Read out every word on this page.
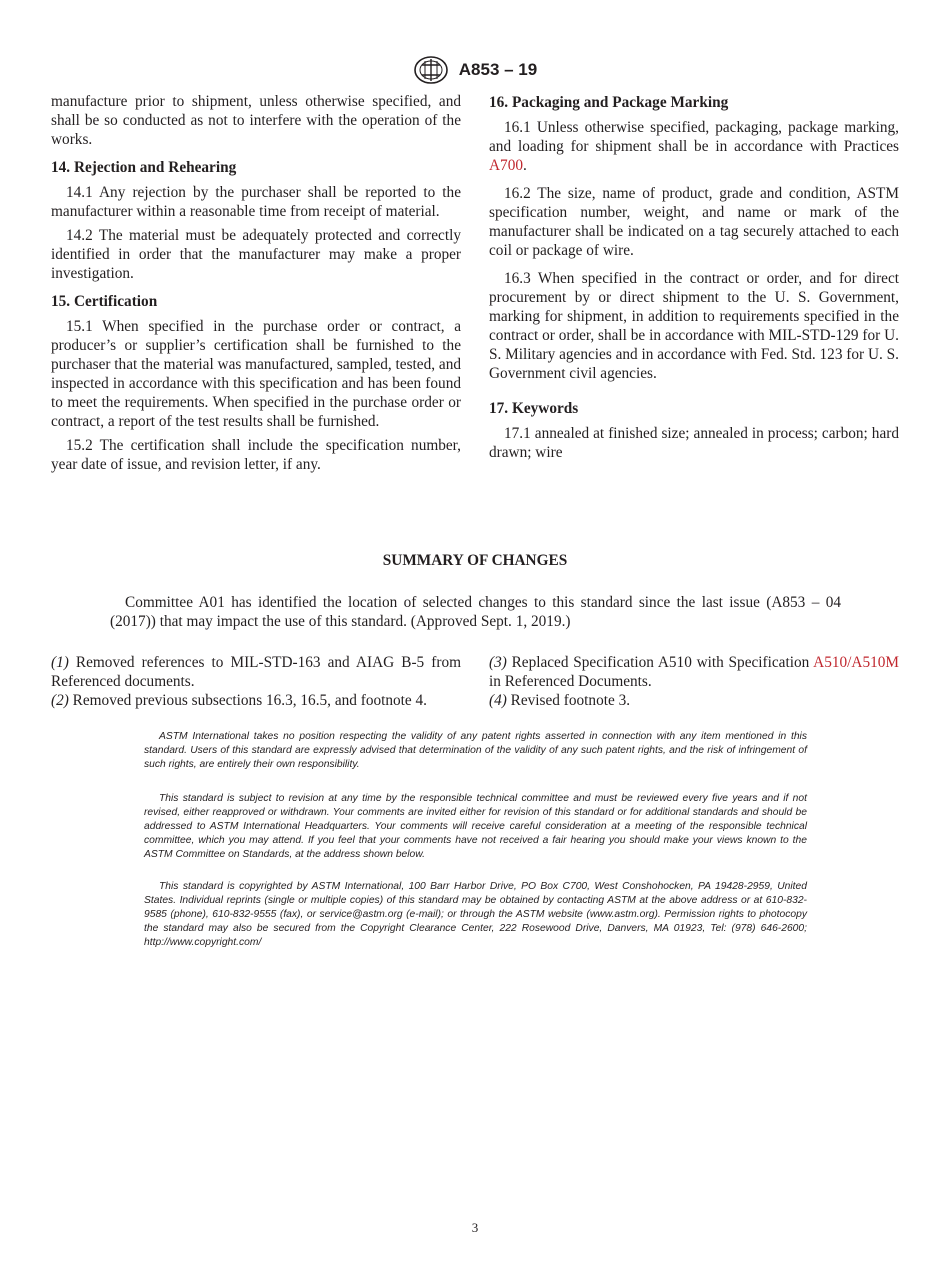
A853 – 19

manufacture prior to shipment, unless otherwise specified, and shall be so conducted as not to interfere with the operation of the works.

14. Rejection and Rehearing

14.1 Any rejection by the purchaser shall be reported to the manufacturer within a reasonable time from receipt of material.

14.2 The material must be adequately protected and correctly identified in order that the manufacturer may make a proper investigation.

15. Certification

15.1 When specified in the purchase order or contract, a producer’s or supplier’s certification shall be furnished to the purchaser that the material was manufactured, sampled, tested, and inspected in accordance with this specification and has been found to meet the requirements. When specified in the purchase order or contract, a report of the test results shall be furnished.

15.2 The certification shall include the specification number, year date of issue, and revision letter, if any.

16. Packaging and Package Marking

16.1 Unless otherwise specified, packaging, package marking, and loading for shipment shall be in accordance with Practices A700.

16.2 The size, name of product, grade and condition, ASTM specification number, weight, and name or mark of the manufacturer shall be indicated on a tag securely attached to each coil or package of wire.

16.3 When specified in the contract or order, and for direct procurement by or direct shipment to the U. S. Government, marking for shipment, in addition to requirements specified in the contract or order, shall be in accordance with MIL-STD-129 for U. S. Military agencies and in accordance with Fed. Std. 123 for U. S. Government civil agencies.

17. Keywords

17.1 annealed at finished size; annealed in process; carbon; hard drawn; wire

SUMMARY OF CHANGES
Committee A01 has identified the location of selected changes to this standard since the last issue (A853 – 04 (2017)) that may impact the use of this standard. (Approved Sept. 1, 2019.)
(1) Removed references to MIL-STD-163 and AIAG B-5 from Referenced documents.
(2) Removed previous subsections 16.3, 16.5, and footnote 4.
(3) Replaced Specification A510 with Specification A510/A510M in Referenced Documents.
(4) Revised footnote 3.
ASTM International takes no position respecting the validity of any patent rights asserted in connection with any item mentioned in this standard. Users of this standard are expressly advised that determination of the validity of any such patent rights, and the risk of infringement of such rights, are entirely their own responsibility.
This standard is subject to revision at any time by the responsible technical committee and must be reviewed every five years and if not revised, either reapproved or withdrawn. Your comments are invited either for revision of this standard or for additional standards and should be addressed to ASTM International Headquarters. Your comments will receive careful consideration at a meeting of the responsible technical committee, which you may attend. If you feel that your comments have not received a fair hearing you should make your views known to the ASTM Committee on Standards, at the address shown below.
This standard is copyrighted by ASTM International, 100 Barr Harbor Drive, PO Box C700, West Conshohocken, PA 19428-2959, United States. Individual reprints (single or multiple copies) of this standard may be obtained by contacting ASTM at the above address or at 610-832-9585 (phone), 610-832-9555 (fax), or service@astm.org (e-mail); or through the ASTM website (www.astm.org). Permission rights to photocopy the standard may also be secured from the Copyright Clearance Center, 222 Rosewood Drive, Danvers, MA 01923, Tel: (978) 646-2600; http://www.copyright.com/
3
